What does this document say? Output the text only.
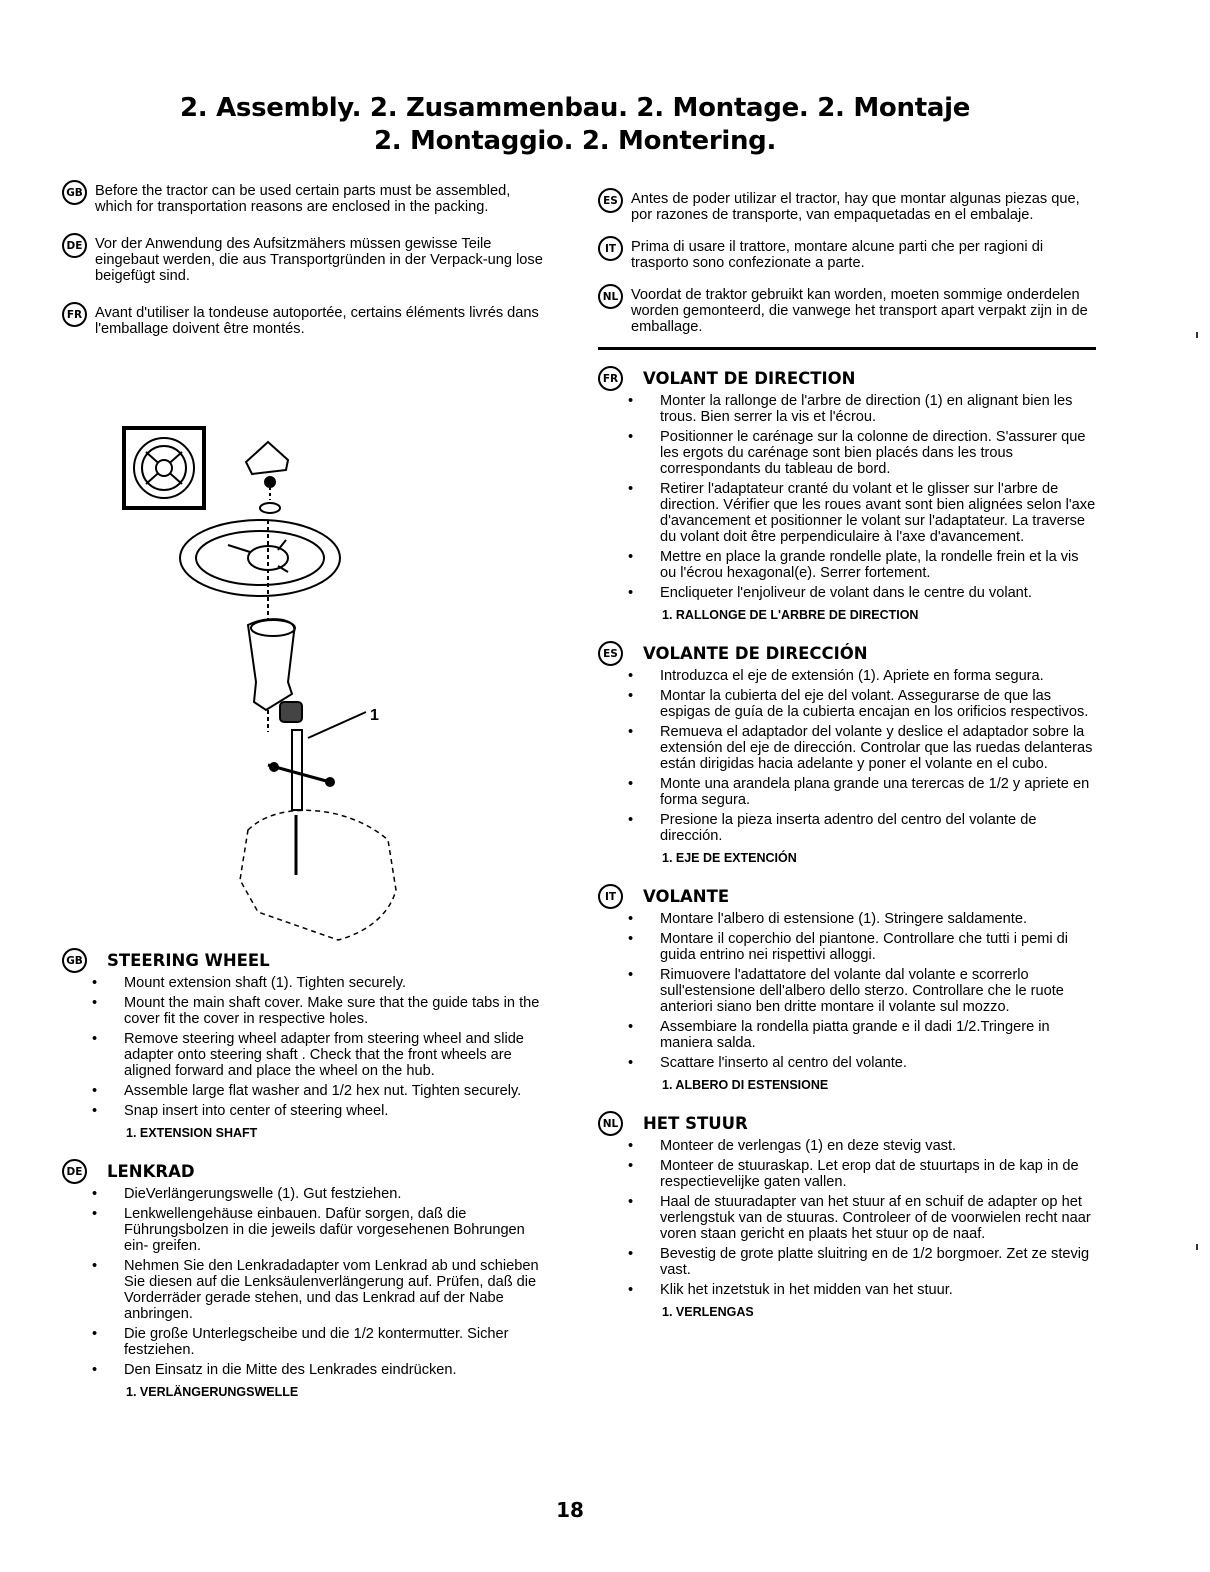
2. Assembly. 2. Zusammenbau. 2. Montage. 2. Montaje
2. Montaggio. 2. Montering.
GB Before the tractor can be used certain parts must be assembled, which for transportation reasons are enclosed in the packing.
DE Vor der Anwendung des Aufsitzmähers müssen gewisse Teile eingebaut werden, die aus Transportgründen in der Verpack-ung lose beigefügt sind.
FR Avant d'utiliser la tondeuse autoportée, certains éléments livrés dans l'emballage doivent être montés.
GB STEERING WHEEL
• Mount extension shaft (1). Tighten securely.
• Mount the main shaft cover. Make sure that the guide tabs in the cover fit the cover in respective holes.
• Remove steering wheel adapter from steering wheel and slide adapter onto steering shaft . Check that the front wheels are aligned forward and place the wheel on the hub.
• Assemble large flat washer and 1/2 hex nut. Tighten securely.
• Snap insert into center of steering wheel.
1. EXTENSION SHAFT
DE LENKRAD
• DieVerlängerungswelle (1). Gut festziehen.
• Lenkwellengehäuse einbauen. Dafür sorgen, daß die Führungsbolzen in die jeweils dafür vorgesehenen Bohrungen ein- greifen.
• Nehmen Sie den Lenkradadapter vom Lenkrad ab und schieben Sie diesen auf die Lenksäulenverlängerung auf. Prüfen, daß die Vorderräder gerade stehen, und das Lenkrad auf der Nabe anbringen.
• Die große Unterlegscheibe und die 1/2 kontermutter. Sicher festziehen.
• Den Einsatz in die Mitte des Lenkrades eindrücken.
1. VERLÄNGERUNGSWELLE
1
ES Antes de poder utilizar el tractor, hay que montar algunas piezas que, por razones de transporte, van empaquetadas en el embalaje.
IT	Prima di usare il trattore, montare alcune parti che per ragioni di trasporto sono confezionate a parte.
NL Voordat de traktor gebruikt kan worden, moeten sommige onderdelen worden gemonteerd, die vanwege het transport apart verpakt zijn in de emballage.
FR VOLANT DE DIRECTION
• Monter la rallonge de l'arbre de direction (1) en alignant bien les trous. Bien serrer la vis et l'écrou.
• Positionner le carénage sur la colonne de direction. S'assurer que les ergots du carénage sont bien placés dans les trous correspondants du tableau de bord.
• Retirer l'adaptateur cranté du volant et le glisser sur l'arbre de direction. Vérifier que les roues avant sont bien alignées selon l'axe d'avancement et positionner le volant sur l'adaptateur. La traverse du volant doit être perpendiculaire à l'axe d'avancement.
• Mettre en place la grande rondelle plate, la rondelle frein et la vis ou l'écrou hexagonal(e). Serrer fortement.
• Encliqueter l'enjoliveur de volant dans le centre du volant.
1. RALLONGE DE L'ARBRE DE DIRECTION
ES	VOLANTE DE DIRECCIÓN
• Introduzca el eje de extensión (1). Apriete en forma segura.
• Montar la cubierta del eje del volant. Assegurarse de que las espigas de guía de la cubierta encajan en los orificios respectivos.
• Remueva el adaptador del volante y deslice el adaptador sobre la extensión del eje de dirección. Controlar que las ruedas delanteras están dirigidas hacia adelante y poner el volante en el cubo.
• Monte una arandela plana grande una terercas de 1/2 y apriete en forma segura.
• Presione la pieza inserta adentro del centro del volante de dirección.
1. EJE DE EXTENCIÓN
IT	VOLANTE
• Montare l'albero di estensione (1). Stringere saldamente.
• Montare il coperchio del piantone. Controllare che tutti i pemi di guida entrino nei rispettivi alloggi.
• Rimuovere l'adattatore del volante dal volante e scorrerlo sull'estensione dell'albero dello sterzo. Controllare che le ruote anteriori siano ben dritte montare il volante sul mozzo.
• Assembiare la rondella piatta grande e il dadi 1/2.Tringere in maniera salda.
• Scattare l'inserto al centro del volante.
1. ALBERO DI ESTENSIONE
NL HET STUUR
• Monteer de verlengas (1) en deze stevig vast.
• Monteer de stuuraskap. Let erop dat de stuurtaps in de kap in de respectievelijke gaten vallen.
• Haal de stuuradapter van het stuur af en schuif de adapter op het verlengstuk van de stuuras. Controleer of de voorwielen recht naar voren staan gericht en plaats het stuur op de naaf.
• Bevestig de grote platte sluitring en de 1/2 borgmoer. Zet ze stevig vast.
• Klik het inzetstuk in het midden van het stuur.
1. VERLENGAS
18
